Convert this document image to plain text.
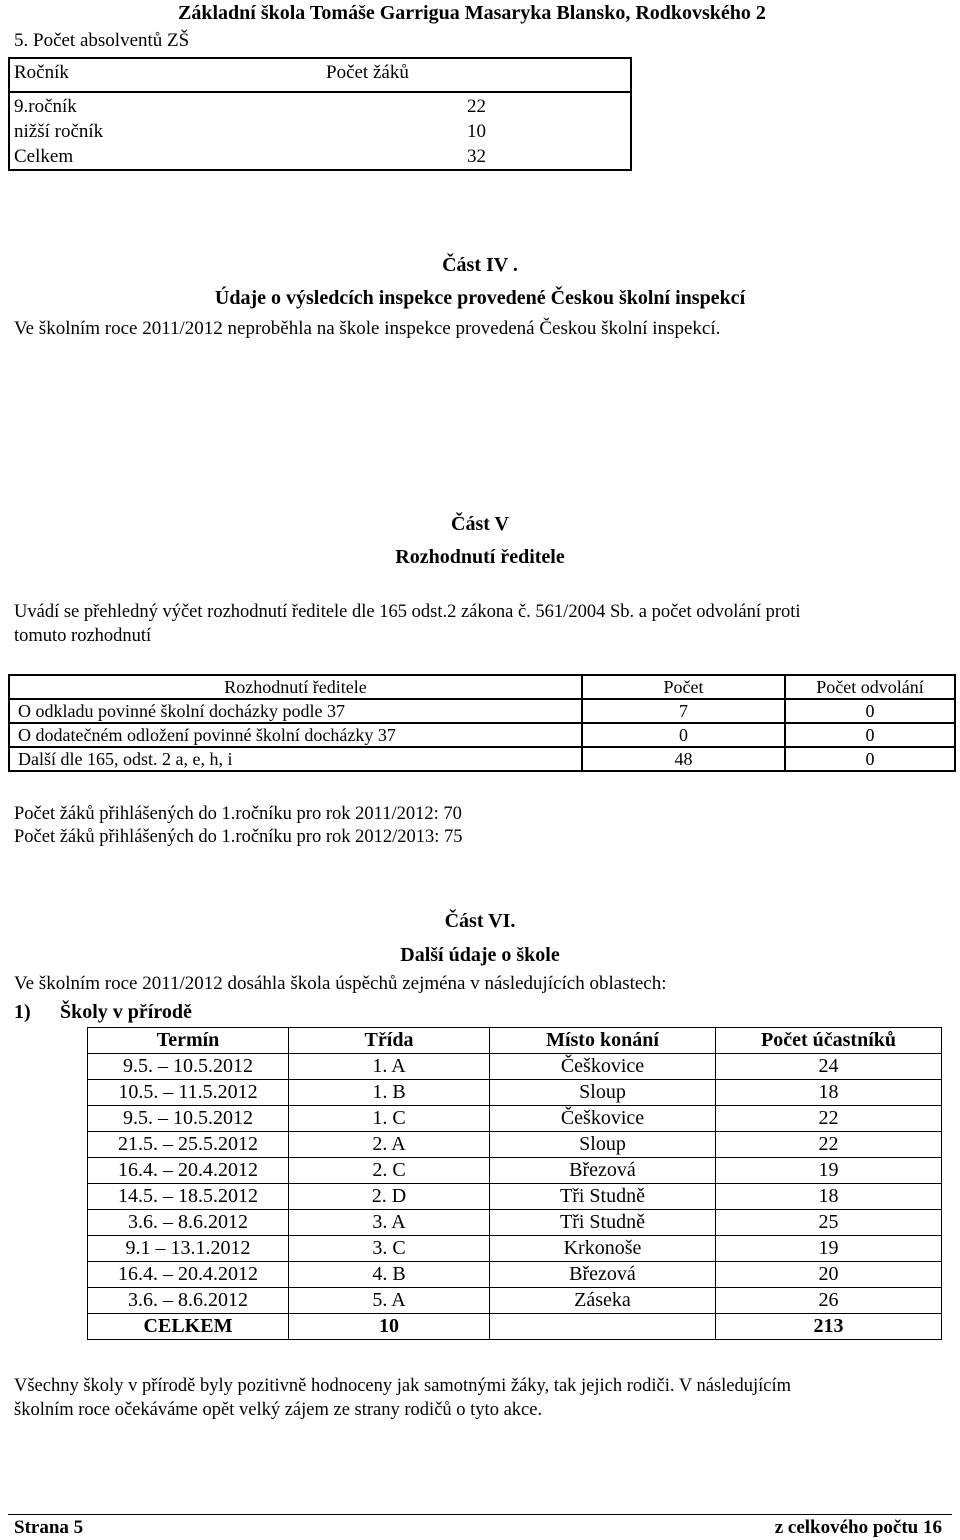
Základní škola Tomáše Garrigua Masaryka Blansko, Rodkovského 2
5. Počet absolventů ZŠ
Ročník	Počet žáků
9.ročník	22
nižší ročník	10
Celkem	32
Část IV .
Údaje o výsledcích inspekce provedené Českou školní inspekcí
Ve školním roce 2011/2012 neproběhla na škole inspekce provedená Českou školní inspekcí.
Část V
Rozhodnutí ředitele
Uvádí se přehledný výčet rozhodnutí ředitele dle 165 odst.2 zákona č. 561/2004 Sb. a počet odvolání proti
tomuto rozhodnutí
Rozhodnutí ředitele	Počet	Počet odvolání
O odkladu povinné školní docházky podle 37	7	0
O dodatečném odložení povinné školní docházky 37	0	0
Další dle 165, odst. 2 a, e, h, i	48	0
Počet žáků přihlášených do 1.ročníku pro rok 2011/2012: 70
Počet žáků přihlášených do 1.ročníku pro rok 2012/2013: 75
Část VI.
Další údaje o škole
Ve školním roce 2011/2012 dosáhla škola úspěchů zejména v následujících oblastech:
1) Školy v přírodě
Termín	Třída	Místo konání	Počet účastníků
9.5. – 10.5.2012	1. A	Češkovice	24
10.5. – 11.5.2012	1. B	Sloup	18
9.5. – 10.5.2012	1. C	Češkovice	22
21.5. – 25.5.2012	2. A	Sloup	22
16.4. – 20.4.2012	2. C	Březová	19
14.5. – 18.5.2012	2. D	Tři Studně	18
3.6. – 8.6.2012	3. A	Tři Studně	25
9.1 – 13.1.2012	3. C	Krkonoše	19
16.4. – 20.4.2012	4. B	Březová	20
3.6. – 8.6.2012	5. A	Záseka	26
CELKEM	10		213
Všechny školy v přírodě byly pozitivně hodnoceny jak samotnými žáky, tak jejich rodiči. V následujícím
školním roce očekáváme opět velký zájem ze strany rodičů o tyto akce.
Strana 5	z celkového počtu 16
